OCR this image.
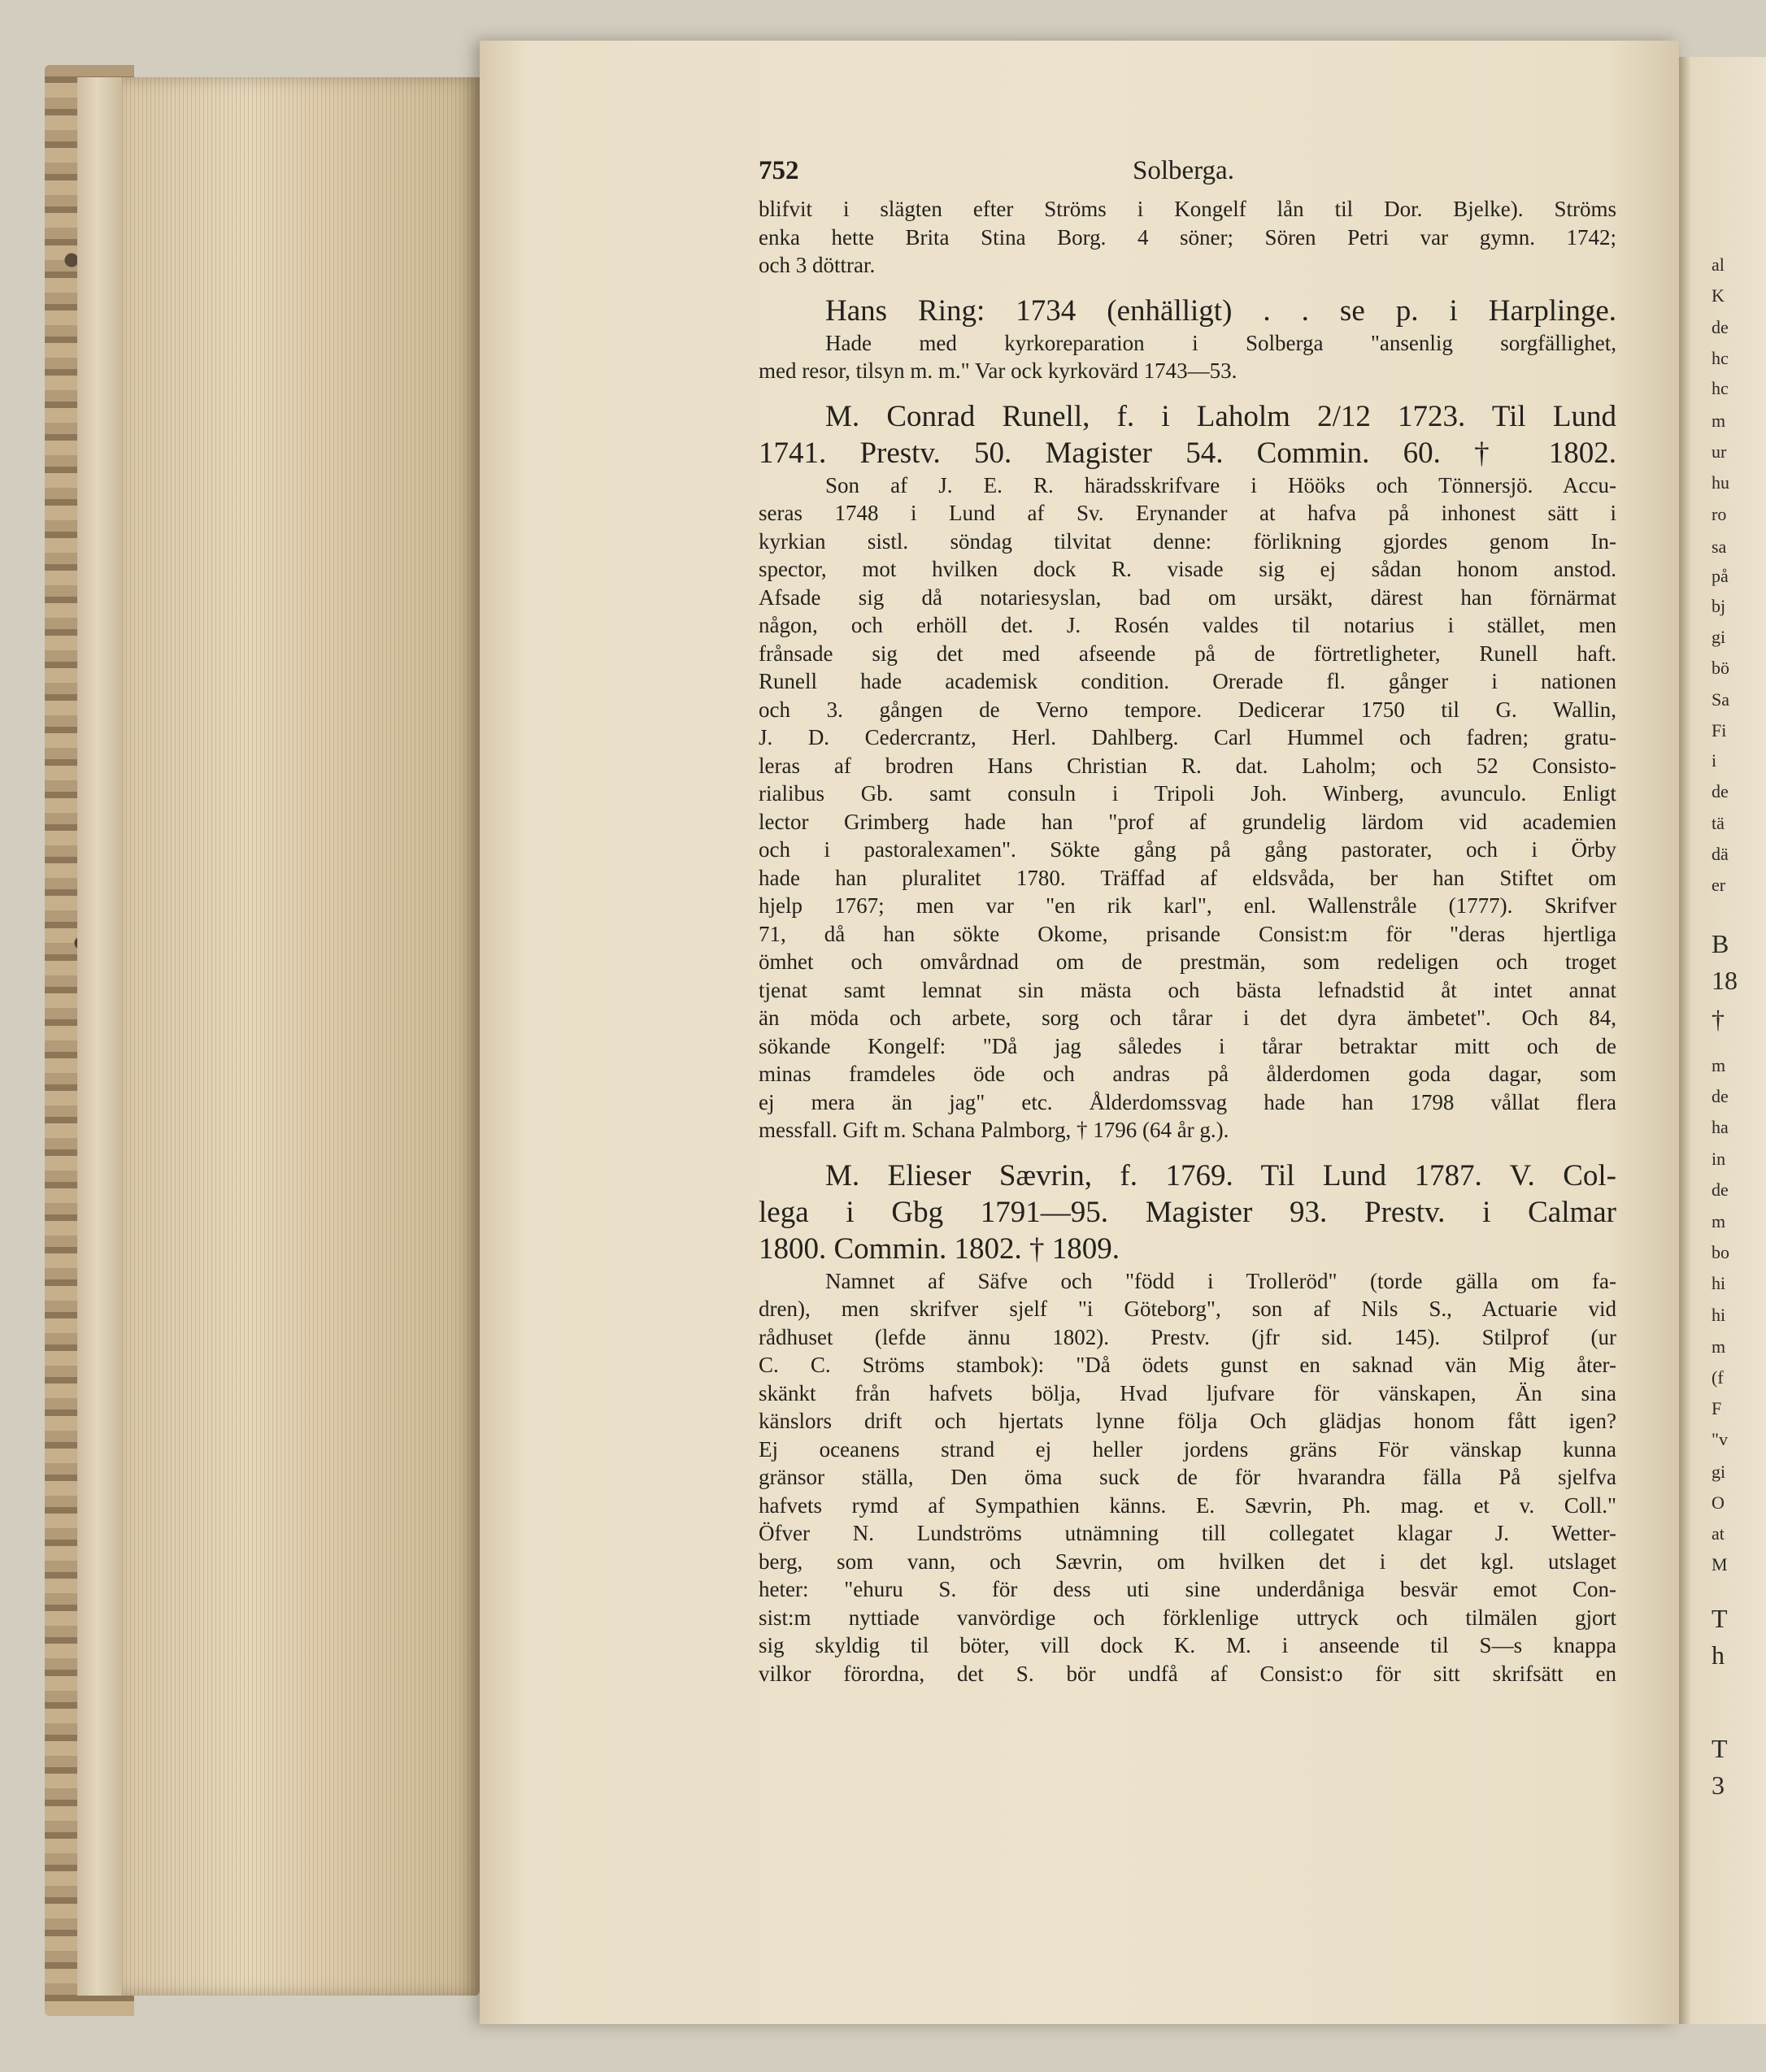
al
K
de
hc
hc
m
ur
hu
ro
sa
på
bj
gi
bö
Sa
Fi
i
de
tä
dä
er
B
18
†
m
de
ha
in
de
m
bo
hi
hi
m
(f
F
"v
gi
O
at
M
T
h
T
3
752	Solberga.
blifvit i slägten efter Ströms i Kongelf lån til Dor. Bjelke). Ströms
enka hette Brita Stina Borg. 4 söner; Sören Petri var gymn. 1742;
och 3 döttrar.
Hans Ring: 1734 (enhälligt) . . se p. i Harplinge.
Hade med kyrkoreparation i Solberga "ansenlig sorgfällighet,
med resor, tilsyn m. m." Var ock kyrkovärd 1743—53.
M. Conrad Runell, f. i Laholm 2/12 1723. Til Lund
1741. Prestv. 50. Magister 54. Commin. 60. † 1802.
Son af J. E. R. häradsskrifvare i Hööks och Tönnersjö. Accu-
seras 1748 i Lund af Sv. Erynander at hafva på inhonest sätt i
kyrkian sistl. söndag tilvitat denne: förlikning gjordes genom In-
spector, mot hvilken dock R. visade sig ej sådan honom anstod.
Afsade sig då notariesyslan, bad om ursäkt, därest han förnärmat
någon, och erhöll det. J. Rosén valdes til notarius i stället, men
frånsade sig det med afseende på de förtretligheter, Runell haft.
Runell hade academisk condition. Orerade fl. gånger i nationen
och 3. gången de Verno tempore. Dedicerar 1750 til G. Wallin,
J. D. Cedercrantz, Herl. Dahlberg. Carl Hummel och fadren; gratu-
leras af brodren Hans Christian R. dat. Laholm; och 52 Consisto-
rialibus Gb. samt consuln i Tripoli Joh. Winberg, avunculo. Enligt
lector Grimberg hade han "prof af grundelig lärdom vid academien
och i pastoralexamen". Sökte gång på gång pastorater, och i Örby
hade han pluralitet 1780. Träffad af eldsvåda, ber han Stiftet om
hjelp 1767; men var "en rik karl", enl. Wallenstråle (1777). Skrifver
71, då han sökte Okome, prisande Consist:m för "deras hjertliga
ömhet och omvårdnad om de prestmän, som redeligen och troget
tjenat samt lemnat sin mästa och bästa lefnadstid åt intet annat
än möda och arbete, sorg och tårar i det dyra ämbetet". Och 84,
sökande Kongelf: "Då jag således i tårar betraktar mitt och de
minas framdeles öde och andras på ålderdomen goda dagar, som
ej mera än jag" etc. Ålderdomssvag hade han 1798 vållat flera
messfall. Gift m. Schana Palmborg, † 1796 (64 år g.).
M. Elieser Sævrin, f. 1769. Til Lund 1787. V. Col-
lega i Gbg 1791—95. Magister 93. Prestv. i Calmar
1800. Commin. 1802. † 1809.
Namnet af Säfve och "född i Trolleröd" (torde gälla om fa-
dren), men skrifver sjelf "i Göteborg", son af Nils S., Actuarie vid
rådhuset (lefde ännu 1802). Prestv. (jfr sid. 145). Stilprof (ur
C. C. Ströms stambok): "Då ödets gunst en saknad vän Mig åter-
skänkt från hafvets bölja, Hvad ljufvare för vänskapen, Än sina
känslors drift och hjertats lynne följa Och glädjas honom fått igen?
Ej oceanens strand ej heller jordens gräns För vänskap kunna
gränsor ställa, Den öma suck de för hvarandra fälla På sjelfva
hafvets rymd af Sympathien känns. E. Sævrin, Ph. mag. et v. Coll."
Öfver N. Lundströms utnämning till collegatet klagar J. Wetter-
berg, som vann, och Sævrin, om hvilken det i det kgl. utslaget
heter: "ehuru S. för dess uti sine underdåniga besvär emot Con-
sist:m nyttiade vanvördige och förklenlige uttryck och tilmälen gjort
sig skyldig til böter, vill dock K. M. i anseende til S—s knappa
vilkor förordna, det S. bör undfå af Consist:o för sitt skrifsätt en
